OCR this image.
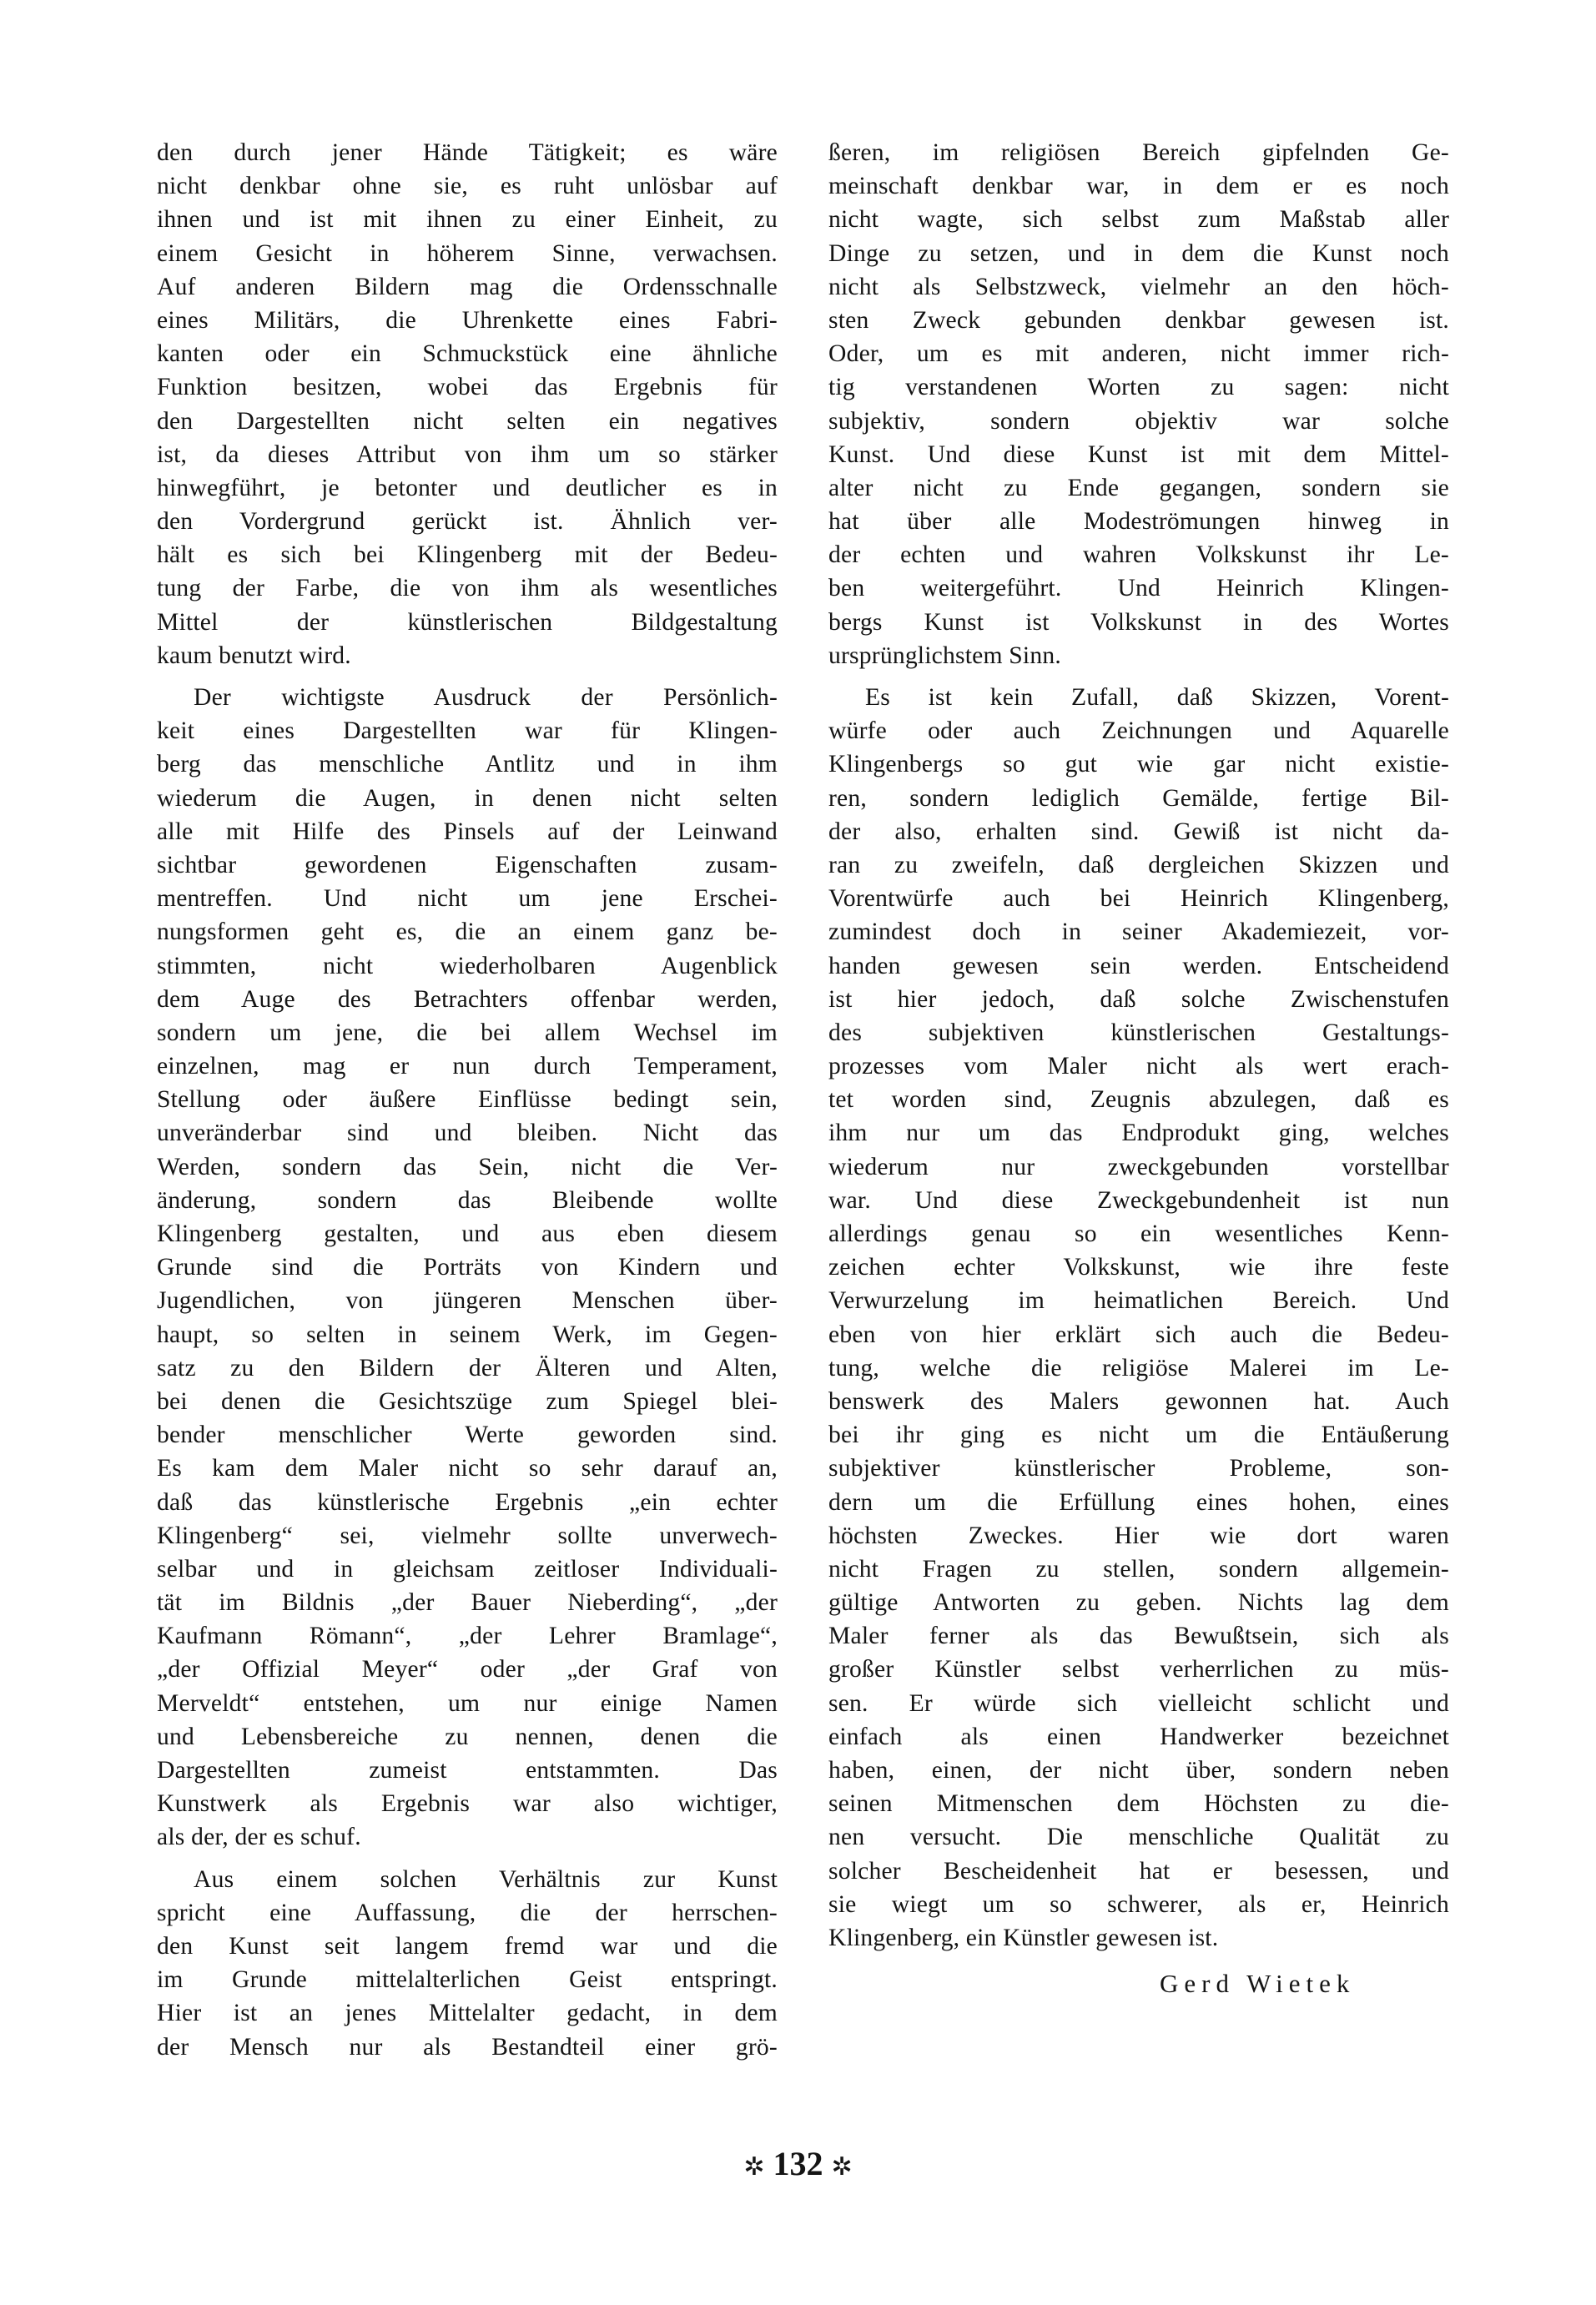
den durch jener Hände Tätigkeit; es wäre
nicht denkbar ohne sie, es ruht unlösbar auf
ihnen und ist mit ihnen zu einer Einheit, zu
einem Gesicht in höherem Sinne, verwachsen.
Auf anderen Bildern mag die Ordensschnalle
eines Militärs, die Uhrenkette eines Fabri-
kanten oder ein Schmuckstück eine ähnliche
Funktion besitzen, wobei das Ergebnis für
den Dargestellten nicht selten ein negatives
ist, da dieses Attribut von ihm um so stärker
hinwegführt, je betonter und deutlicher es in
den Vordergrund gerückt ist. Ähnlich ver-
hält es sich bei Klingenberg mit der Bedeu-
tung der Farbe, die von ihm als wesentliches
Mittel der künstlerischen Bildgestaltung
kaum benutzt wird.
Der wichtigste Ausdruck der Persönlich-
keit eines Dargestellten war für Klingen-
berg das menschliche Antlitz und in ihm
wiederum die Augen, in denen nicht selten
alle mit Hilfe des Pinsels auf der Leinwand
sichtbar gewordenen Eigenschaften zusam-
mentreffen. Und nicht um jene Erschei-
nungsformen geht es, die an einem ganz be-
stimmten, nicht wiederholbaren Augenblick
dem Auge des Betrachters offenbar werden,
sondern um jene, die bei allem Wechsel im
einzelnen, mag er nun durch Temperament,
Stellung oder äußere Einflüsse bedingt sein,
unveränderbar sind und bleiben. Nicht das
Werden, sondern das Sein, nicht die Ver-
änderung, sondern das Bleibende wollte
Klingenberg gestalten, und aus eben diesem
Grunde sind die Porträts von Kindern und
Jugendlichen, von jüngeren Menschen über-
haupt, so selten in seinem Werk, im Gegen-
satz zu den Bildern der Älteren und Alten,
bei denen die Gesichtszüge zum Spiegel blei-
bender menschlicher Werte geworden sind.
Es kam dem Maler nicht so sehr darauf an,
daß das künstlerische Ergebnis „ein echter
Klingenberg“ sei, vielmehr sollte unverwech-
selbar und in gleichsam zeitloser Individuali-
tät im Bildnis „der Bauer Nieberding“, „der
Kaufmann Römann“, „der Lehrer Bramlage“,
„der Offizial Meyer“ oder „der Graf von
Merveldt“ entstehen, um nur einige Namen
und Lebensbereiche zu nennen, denen die
Dargestellten zumeist entstammten. Das
Kunstwerk als Ergebnis war also wichtiger,
als der, der es schuf.
Aus einem solchen Verhältnis zur Kunst
spricht eine Auffassung, die der herrschen-
den Kunst seit langem fremd war und die
im Grunde mittelalterlichen Geist entspringt.
Hier ist an jenes Mittelalter gedacht, in dem
der Mensch nur als Bestandteil einer grö-
ßeren, im religiösen Bereich gipfelnden Ge-
meinschaft denkbar war, in dem er es noch
nicht wagte, sich selbst zum Maßstab aller
Dinge zu setzen, und in dem die Kunst noch
nicht als Selbstzweck, vielmehr an den höch-
sten Zweck gebunden denkbar gewesen ist.
Oder, um es mit anderen, nicht immer rich-
tig verstandenen Worten zu sagen: nicht
subjektiv, sondern objektiv war solche
Kunst. Und diese Kunst ist mit dem Mittel-
alter nicht zu Ende gegangen, sondern sie
hat über alle Modeströmungen hinweg in
der echten und wahren Volkskunst ihr Le-
ben weitergeführt. Und Heinrich Klingen-
bergs Kunst ist Volkskunst in des Wortes
ursprünglichstem Sinn.
Es ist kein Zufall, daß Skizzen, Vorent-
würfe oder auch Zeichnungen und Aquarelle
Klingenbergs so gut wie gar nicht existie-
ren, sondern lediglich Gemälde, fertige Bil-
der also, erhalten sind. Gewiß ist nicht da-
ran zu zweifeln, daß dergleichen Skizzen und
Vorentwürfe auch bei Heinrich Klingenberg,
zumindest doch in seiner Akademiezeit, vor-
handen gewesen sein werden. Entscheidend
ist hier jedoch, daß solche Zwischenstufen
des subjektiven künstlerischen Gestaltungs-
prozesses vom Maler nicht als wert erach-
tet worden sind, Zeugnis abzulegen, daß es
ihm nur um das Endprodukt ging, welches
wiederum nur zweckgebunden vorstellbar
war. Und diese Zweckgebundenheit ist nun
allerdings genau so ein wesentliches Kenn-
zeichen echter Volkskunst, wie ihre feste
Verwurzelung im heimatlichen Bereich. Und
eben von hier erklärt sich auch die Bedeu-
tung, welche die religiöse Malerei im Le-
benswerk des Malers gewonnen hat. Auch
bei ihr ging es nicht um die Entäußerung
subjektiver künstlerischer Probleme, son-
dern um die Erfüllung eines hohen, eines
höchsten Zweckes. Hier wie dort waren
nicht Fragen zu stellen, sondern allgemein-
gültige Antworten zu geben. Nichts lag dem
Maler ferner als das Bewußtsein, sich als
großer Künstler selbst verherrlichen zu müs-
sen. Er würde sich vielleicht schlicht und
einfach als einen Handwerker bezeichnet
haben, einen, der nicht über, sondern neben
seinen Mitmenschen dem Höchsten zu die-
nen versucht. Die menschliche Qualität zu
solcher Bescheidenheit hat er besessen, und
sie wiegt um so schwerer, als er, Heinrich
Klingenberg, ein Künstler gewesen ist.
Gerd Wietek
✲ 132 ✲
